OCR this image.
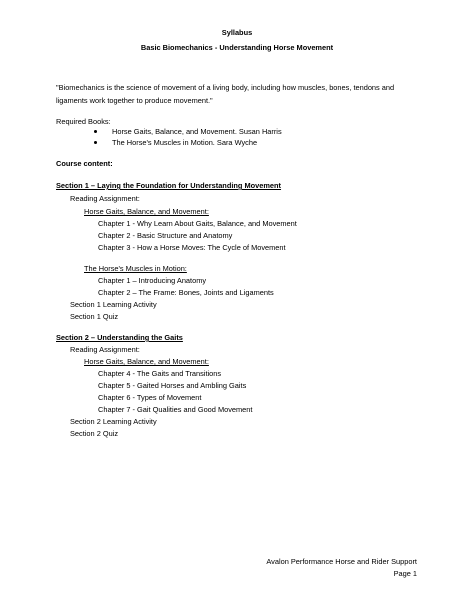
Syllabus
Basic Biomechanics - Understanding Horse Movement
"Biomechanics is the science of movement of a living body, including how muscles, bones, tendons and
ligaments work together to produce movement."
Required Books:
Horse Gaits, Balance, and Movement. Susan Harris
The Horse's Muscles in Motion. Sara Wyche
Course content:
Section 1 – Laying the Foundation for Understanding Movement
Reading Assignment:
Horse Gaits, Balance, and Movement:
Chapter 1 - Why Learn About Gaits, Balance, and Movement
Chapter 2 - Basic Structure and Anatomy
Chapter 3 - How a Horse Moves: The Cycle of Movement
The Horse's Muscles in Motion:
Chapter 1 – Introducing Anatomy
Chapter 2 – The Frame: Bones, Joints and Ligaments
Section 1 Learning Activity
Section 1 Quiz
Section 2 – Understanding the Gaits
Reading Assignment:
Horse Gaits, Balance, and Movement:
Chapter 4 - The Gaits and Transitions
Chapter 5 - Gaited Horses and Ambling Gaits
Chapter 6 - Types of Movement
Chapter 7 - Gait Qualities and Good Movement
Section 2 Learning Activity
Section 2 Quiz
Avalon Performance Horse and Rider Support
Page 1
